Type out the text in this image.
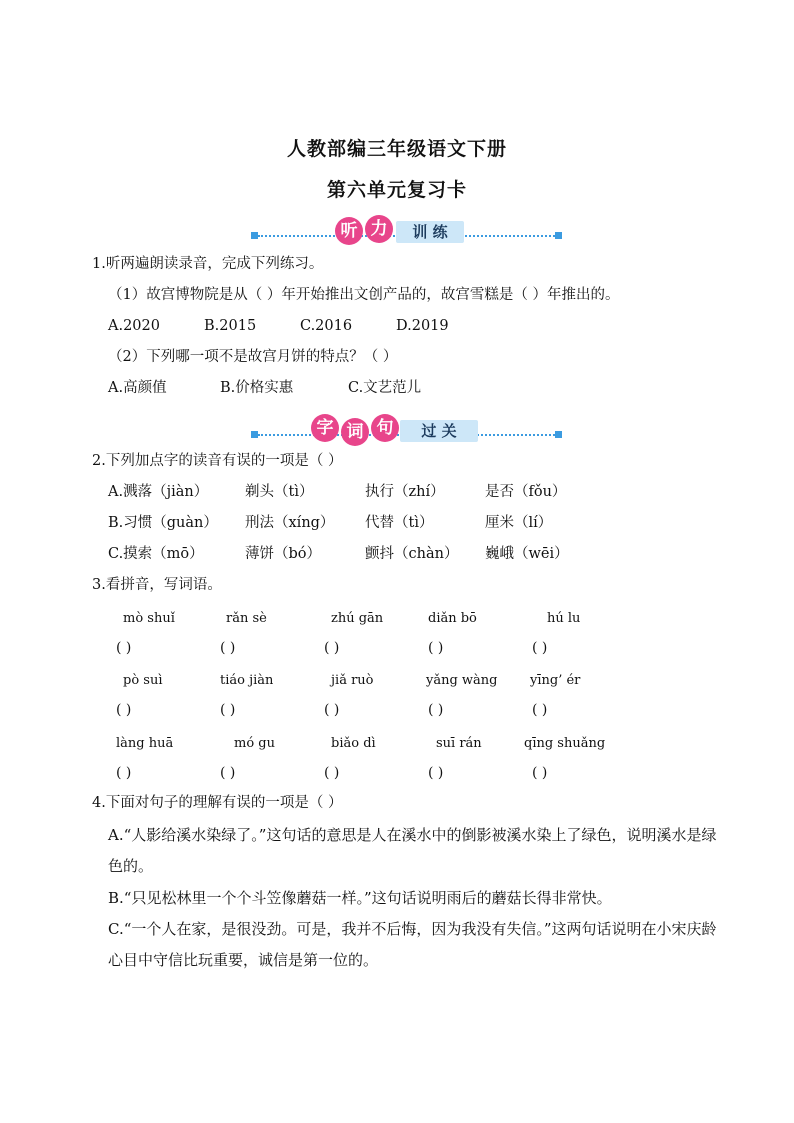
人教部编三年级语文下册
第六单元复习卡
听 力	训 练
1.听两遍朗读录音，完成下列练习。
（1）故宫博物院是从（ ）年开始推出文创产品的，故宫雪糕是（ ）年推出的。
A.2020	B.2015	C.2016	D.2019
（2）下列哪一项不是故宫月饼的特点？（ ）
A.高颜值	B.价格实惠	C.文艺范儿
字 词 句	过 关
2.下列加点字的读音有误的一项是（ ）
A.溅落（jiàn）	剃头（tì）	执行（zhí）	是否（fǒu）
B.习惯（guàn） 刑法（xíng） 代替（tì）	厘米（lí）
C.摸索（mō）	薄饼（bó）	颤抖（chàn） 巍峨（wēi）
3.看拼音，写词语。
mò shuǐ	rǎn sè	zhú gān	diǎn bō	hú lu
( )	( )	( )	( )	( )
pò suì	tiáo jiàn	jiǎ ruò	yǎng wàng	yīng’ ér
( )	( )	( )	( )	( )
làng huā	mó gu	biǎo dì	suī rán	qīng shuǎng
( )	( )	( )	( )	( )
4.下面对句子的理解有误的一项是（ ）
A.“人影给溪水染绿了。”这句话的意思是人在溪水中的倒影被溪水染上了绿色，说明溪水是绿色的。
B.“只见松林里一个个斗笠像蘑菇一样。”这句话说明雨后的蘑菇长得非常快。
C.“一个人在家，是很没劲。可是，我并不后悔，因为我没有失信。”这两句话说明在小宋庆龄心目中守信比玩重要，诚信是第一位的。
